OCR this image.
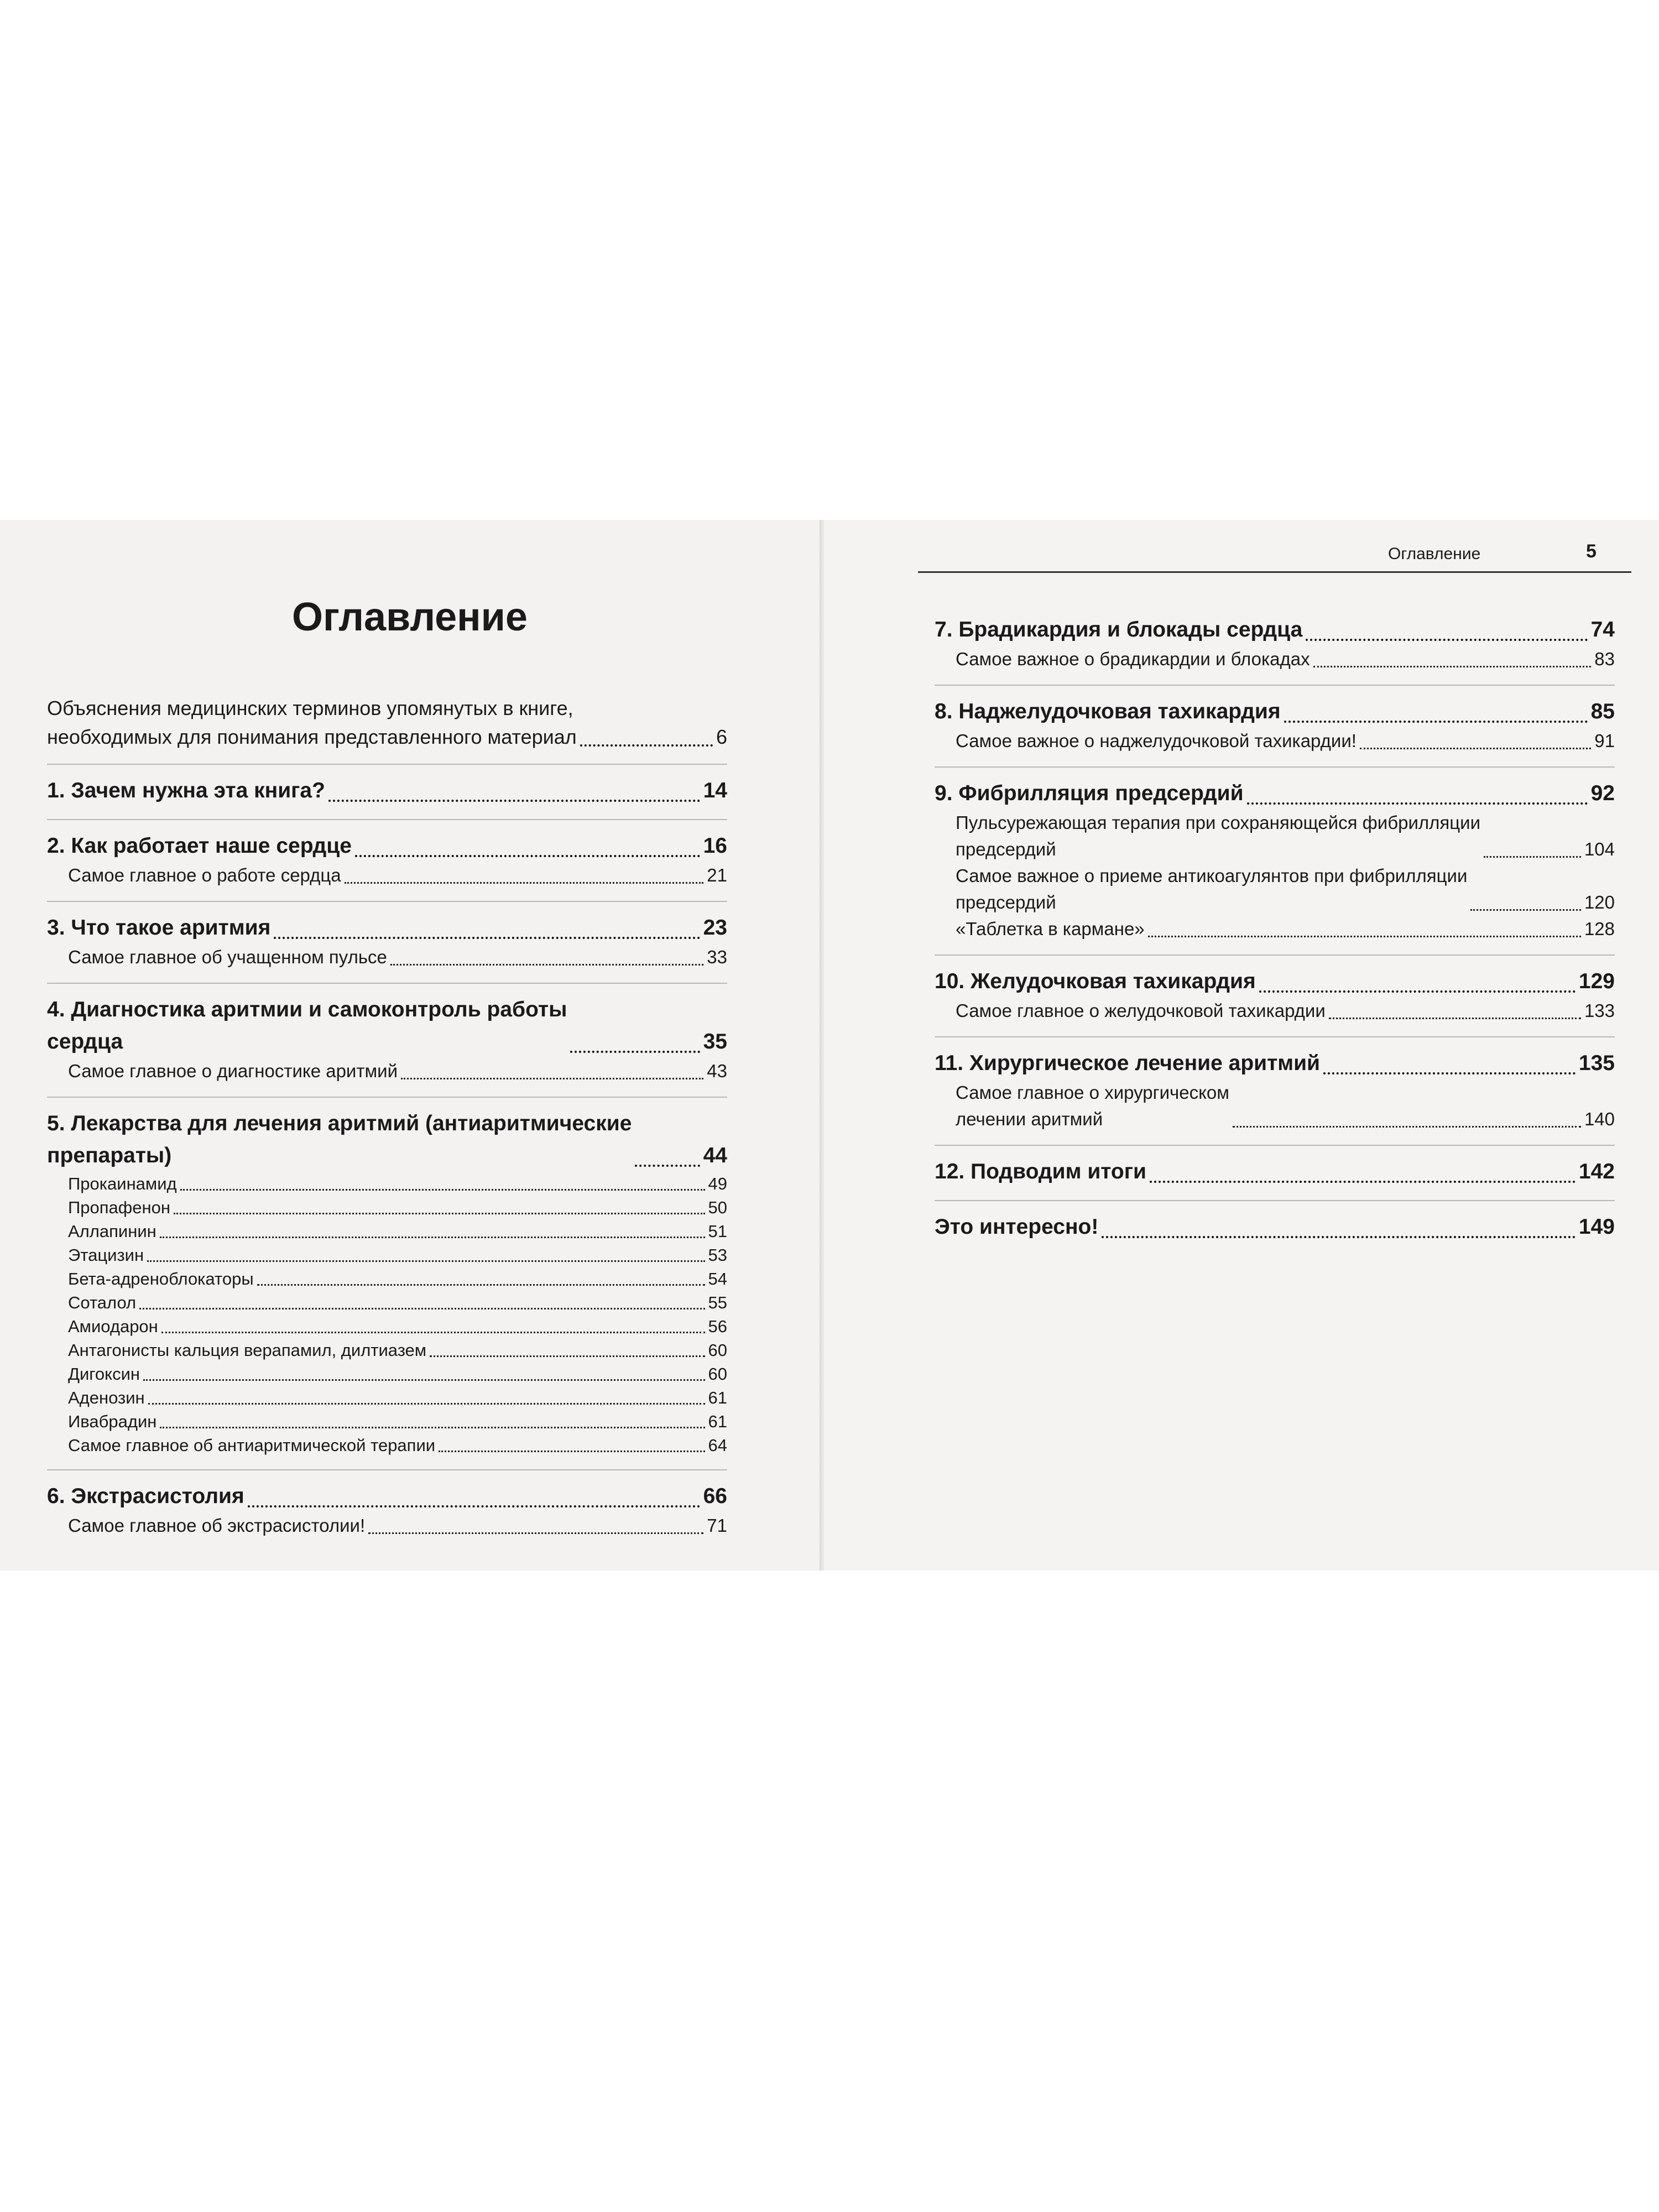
Оглавление
Объяснения медицинских терминов упомянутых в книге,
необходимых для понимания представленного материал	6
1. Зачем нужна эта книга?	14
2. Как работает наше сердце	16
Самое главное о работе сердца	21
3. Что такое аритмия	23
Самое главное об учащенном пульсе	33
4. Диагностика аритмии и самоконтроль работы
сердца	35
Самое главное о диагностике аритмий	43
5. Лекарства для лечения аритмий (антиаритмические
препараты)	44
Прокаинамид	49
Пропафенон	50
Аллапинин	51
Этацизин	53
Бета-адреноблокаторы	54
Соталол	55
Амиодарон	56
Антагонисты кальция верапамил, дилтиазем	60
Дигоксин	60
Аденозин	61
Ивабрадин	61
Самое главное об антиаритмической терапии	64
6. Экстрасистолия	66
Самое главное об экстрасистолии!	71
Оглавление	5
7. Брадикардия и блокады сердца	74
Самое важное о брадикардии и блокадах	83
8. Наджелудочковая тахикардия	85
Самое важное о наджелудочковой тахикардии!	91
9. Фибрилляция предсердий	92
Пульсурежающая терапия при сохраняющейся фибрилляции
предсердий	104
Самое важное о приеме антикоагулянтов при фибрилляции
предсердий	120
«Таблетка в кармане»	128
10. Желудочковая тахикардия	129
Самое главное о желудочковой тахикардии	133
11. Хирургическое лечение аритмий	135
Самое главное о хирургическом
лечении аритмий	140
12. Подводим итоги	142
Это интересно!	149
